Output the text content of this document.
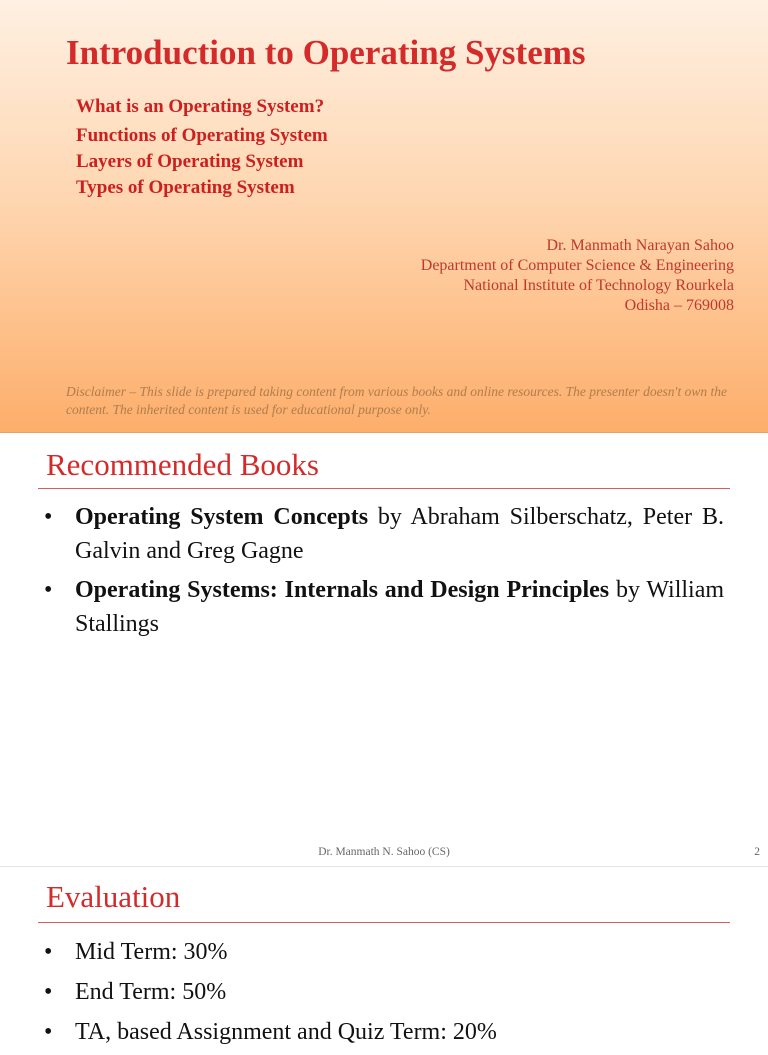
Introduction to Operating Systems
What is an Operating System?
Functions of Operating System
Layers of Operating System
Types of Operating System
Dr. Manmath Narayan Sahoo
Department of Computer Science & Engineering
National Institute of Technology Rourkela
Odisha – 769008
Disclaimer – This slide is prepared taking content from various books and online resources. The presenter doesn't own the content. The inherited content is used for educational purpose only.
Recommended Books
• Operating System Concepts by Abraham Silberschatz, Peter B. Galvin and Greg Gagne
• Operating Systems: Internals and Design Principles by William Stallings
Dr. Manmath N. Sahoo (CS)	2
Evaluation
• Mid Term: 30%
• End Term: 50%
• TA, based Assignment and Quiz Term: 20%
